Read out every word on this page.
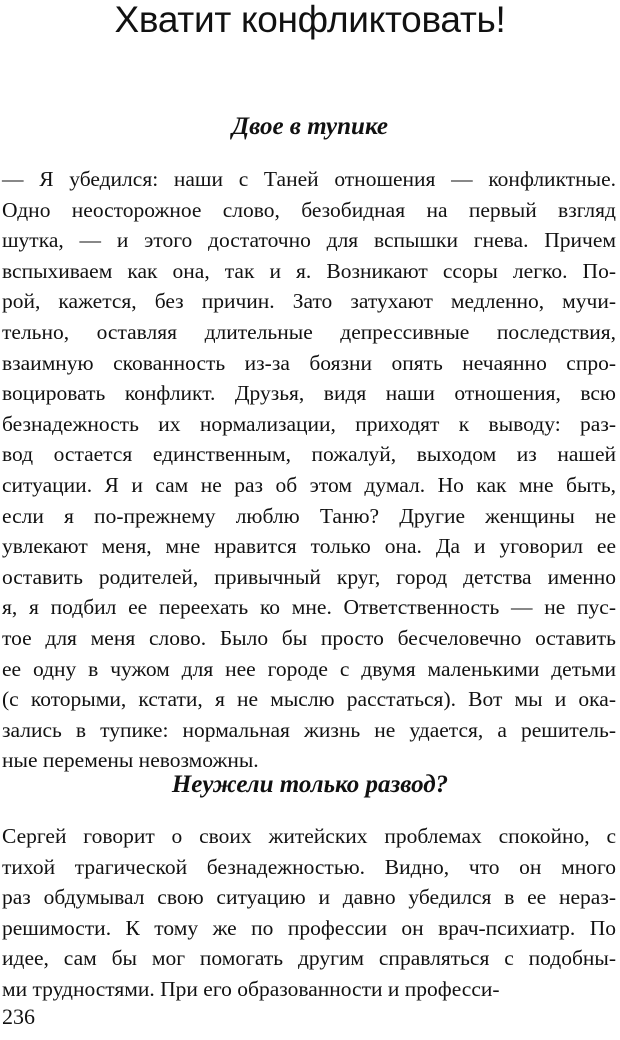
Хватит конфликтовать!
Двое в тупике
— Я убедился: наши с Таней отношения — конфликтные.
Одно неосторожное слово, безобидная на первый взгляд
шутка, — и этого достаточно для вспышки гнева. Причем
вспыхиваем как она, так и я. Возникают ссоры легко. По-
рой, кажется, без причин. Зато затухают медленно, мучи-
тельно, оставляя длительные депрессивные последствия,
взаимную скованность из-за боязни опять нечаянно спро-
воцировать конфликт. Друзья, видя наши отношения, всю
безнадежность их нормализации, приходят к выводу: раз-
вод остается единственным, пожалуй, выходом из нашей
ситуации. Я и сам не раз об этом думал. Но как мне быть,
если я по-прежнему люблю Таню? Другие женщины не
увлекают меня, мне нравится только она. Да и уговорил ее
оставить родителей, привычный круг, город детства именно
я, я подбил ее переехать ко мне. Ответственность — не пус-
тое для меня слово. Было бы просто бесчеловечно оставить
ее одну в чужом для нее городе с двумя маленькими детьми
(с которыми, кстати, я не мыслю расстаться). Вот мы и ока-
зались в тупике: нормальная жизнь не удается, а решитель-
ные перемены невозможны.
Неужели только развод?
Сергей говорит о своих житейских проблемах спокойно, с
тихой трагической безнадежностью. Видно, что он много
раз обдумывал свою ситуацию и давно убедился в ее нераз-
решимости. К тому же по профессии он врач-психиатр. По
идее, сам бы мог помогать другим справляться с подобны-
ми трудностями. При его образованности и професси-
236
